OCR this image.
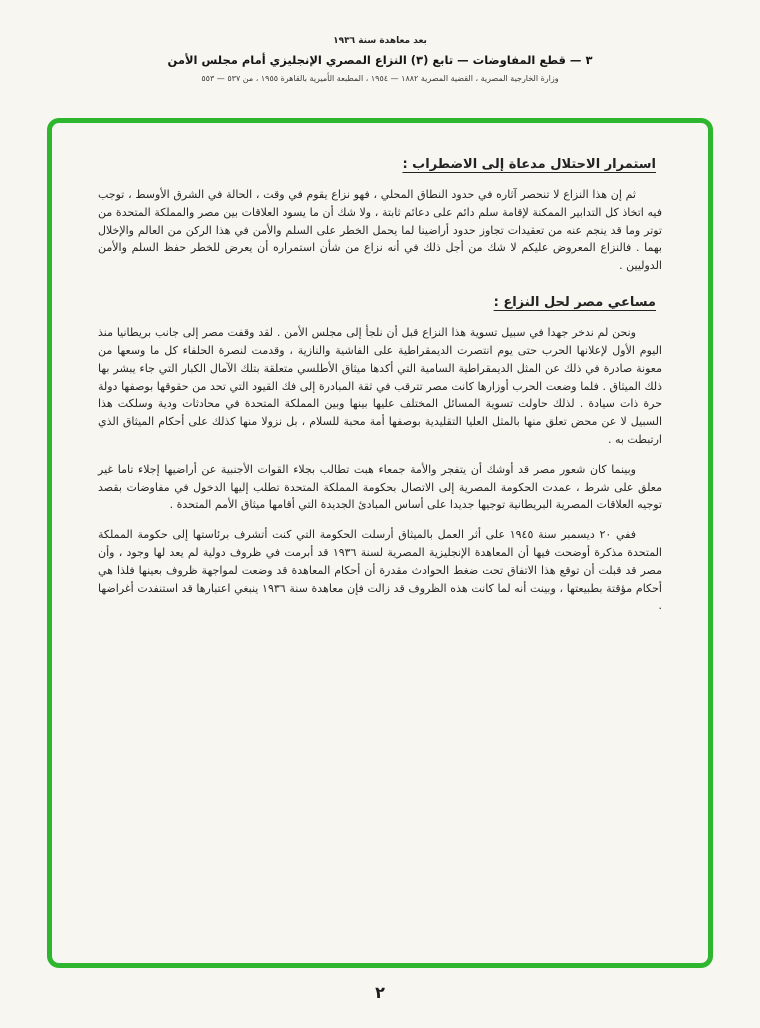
بعد معاهدة سنة ١٩٣٦
٣ — قطع المفاوضات — تابع (٣) النزاع المصري الإنجليزي أمام مجلس الأمن
وزارة الخارجية المصرية ، القضية المصرية ١٨٨٢ — ١٩٥٤ ، المطبعة الأميرية بالقاهرة ١٩٥٥ ، من ٥٣٧ — ٥٥٣
استمرار الاحتلال مدعاة إلى الاضطراب :

ثم إن هذا النزاع لا تنحصر آثاره في حدود النطاق المحلي ، فهو نزاع يقوم في وقت ، الحالة في الشرق الأوسط ، توجب فيه اتخاذ كل التدابير الممكنة لإقامة سلم دائم على دعائم ثابتة ، ولا شك أن ما يسود العلاقات بين مصر والمملكة المتحدة من توتر وما قد ينجم عنه من تعقيدات تجاوز حدود أراضينا لما يحمل الخطر على السلم والأمن في هذا الركن من العالم والإخلال بهما . فالنزاع المعروض عليكم لا شك من أجل ذلك في أنه نزاع من شأن استمراره أن يعرض للخطر حفظ السلم والأمن الدوليين .

مساعي مصر لحل النزاع :

ونحن لم ندخر جهدا في سبيل تسوية هذا النزاع قبل أن نلجأ إلى مجلس الأمن . لقد وقفت مصر إلى جانب بريطانيا منذ اليوم الأول لإعلانها الحرب حتى يوم انتصرت الديمقراطية على الفاشية والنازية ، وقدمت لنصرة الحلفاء كل ما وسعها من معونة صادرة في ذلك عن المثل الديمقراطية السامية التي أكدها ميثاق الأطلسي متعلقة بتلك الآمال الكبار التي جاء يبشر بها ذلك الميثاق . فلما وضعت الحرب أوزارها كانت مصر تترقب في ثقة المبادرة إلى فك القيود التي تحد من حقوقها بوصفها دولة حرة ذات سيادة . لذلك حاولت تسوية المسائل المختلف عليها بينها وبين المملكة المتحدة في محادثات ودية وسلكت هذا السبيل لا عن محض تعلق منها بالمثل العليا التقليدية بوصفها أمة محبة للسلام ، بل نزولا منها كذلك على أحكام الميثاق الذي ارتبطت به .

وبينما كان شعور مصر قد أوشك أن يتفجر والأمة جمعاء هبت تطالب بجلاء القوات الأجنبية عن أراضيها إجلاء تاما غير معلق على شرط ، عمدت الحكومة المصرية إلى الاتصال بحكومة المملكة المتحدة تطلب إليها الدخول في مفاوضات بقصد توجيه العلاقات المصرية البريطانية توجيها جديدا على أساس المبادئ الجديدة التي أقامها ميثاق الأمم المتحدة .

ففي ٢٠ ديسمبر سنة ١٩٤٥ على أثر العمل بالميثاق أرسلت الحكومة التي كنت أتشرف برئاستها إلى حكومة المملكة المتحدة مذكرة أوضحت فيها أن المعاهدة الإنجليزية المصرية لسنة ١٩٣٦ قد أبرمت في ظروف دولية لم يعد لها وجود ، وأن مصر قد قبلت أن توقع هذا الاتفاق تحت ضغط الحوادث مقدرة أن أحكام المعاهدة قد وضعت لمواجهة ظروف بعينها فلذا هي أحكام مؤقتة بطبيعتها ، وبينت أنه لما كانت هذه الظروف قد زالت فإن معاهدة سنة ١٩٣٦ ينبغي اعتبارها قد استنفدت أغراضها .

٢
